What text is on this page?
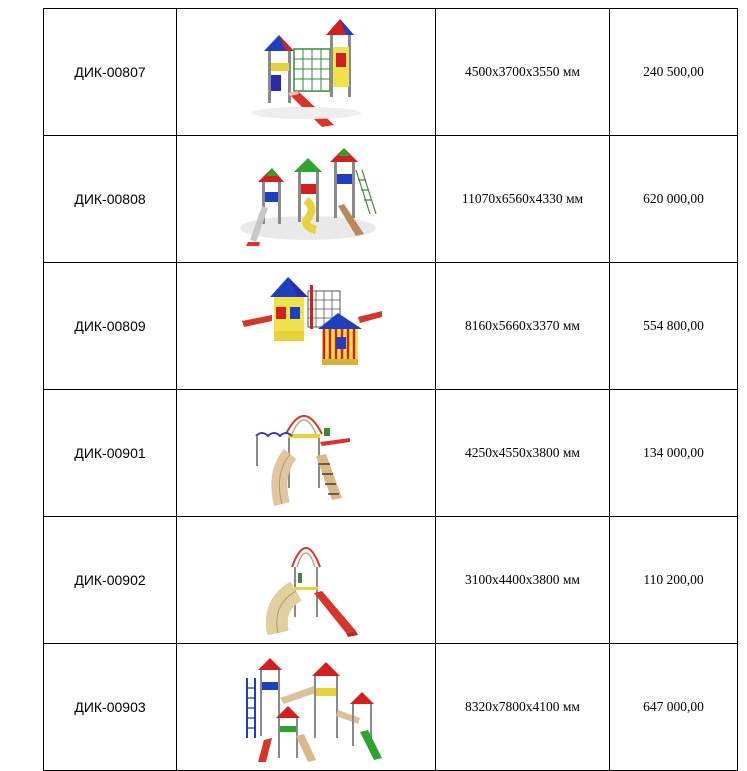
ДИК-00807		4500х3700х3550 мм	240 500,00
ДИК-00808		11070х6560х4330 мм	620 000,00
ДИК-00809		8160х5660х3370 мм	554 800,00
ДИК-00901		4250х4550х3800 мм	134 000,00
ДИК-00902		3100х4400х3800 мм	110 200,00
ДИК-00903		8320х7800х4100 мм	647 000,00
